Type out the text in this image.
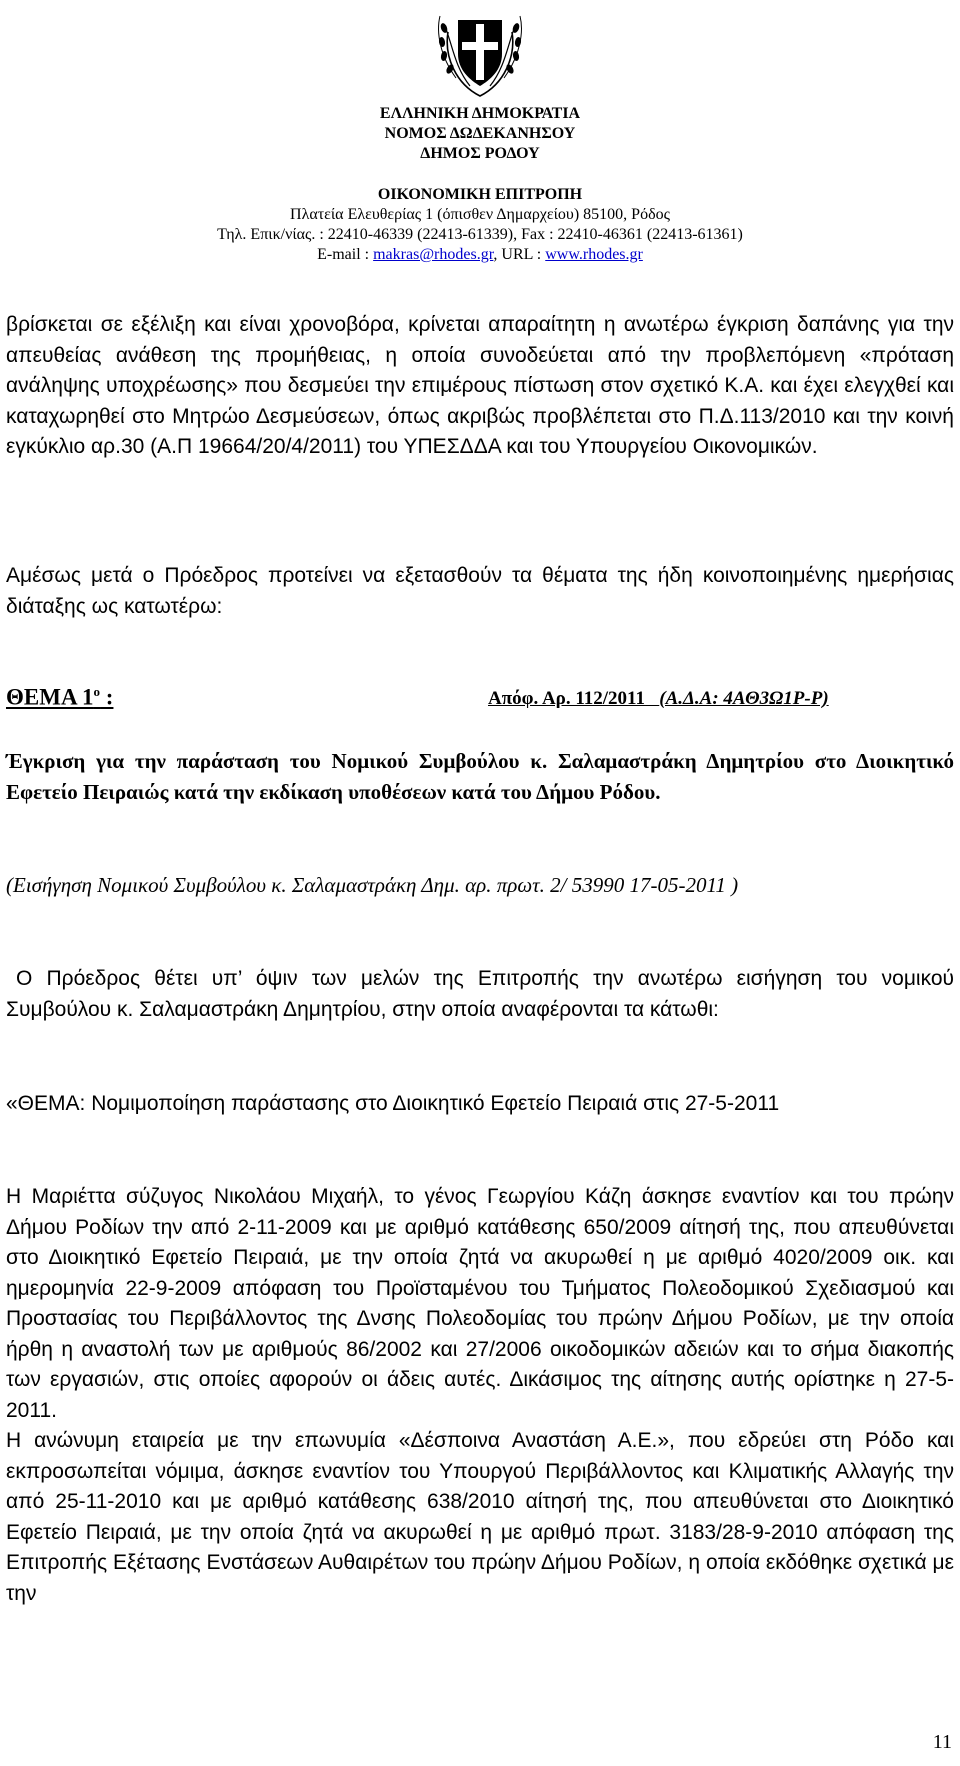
ΕΛΛΗΝΙΚΗ ΔΗΜΟΚΡΑΤΙΑ
ΝΟΜΟΣ ΔΩΔΕΚΑΝΗΣΟΥ
ΔΗΜΟΣ ΡΟΔΟΥ
ΟΙΚΟΝΟΜΙΚΗ ΕΠΙΤΡΟΠΗ
Πλατεία Ελευθερίας 1 (όπισθεν Δημαρχείου) 85100, Ρόδος
Τηλ. Επικ/νίας. : 22410-46339 (22413-61339), Fax : 22410-46361 (22413-61361)
E-mail : makras@rhodes.gr, URL : www.rhodes.gr

βρίσκεται σε εξέλιξη και είναι χρονοβόρα, κρίνεται απαραίτητη η ανωτέρω έγκριση δαπάνης για την απευθείας ανάθεση της προμήθειας, η οποία συνοδεύεται από την προβλεπόμενη «πρόταση ανάληψης υποχρέωσης» που δεσμεύει την επιμέρους πίστωση στον σχετικό Κ.Α. και έχει ελεγχθεί και καταχωρηθεί στο Μητρώο Δεσμεύσεων, όπως ακριβώς προβλέπεται στο Π.Δ.113/2010 και την κοινή εγκύκλιο αρ.30 (Α.Π 19664/20/4/2011) του ΥΠΕΣΔΔΑ και του Υπουργείου Οικονομικών.

Αμέσως μετά ο Πρόεδρος προτείνει να εξετασθούν τα θέματα της ήδη κοινοποιημένης ημερήσιας διάταξης ως κατωτέρω:

ΘΕΜΑ $1^o$ :	Απόφ. Αρ. 112/2011 (Α.Δ.Α: 4ΑΘ3Ω1Ρ-Ρ)

Έγκριση για την παράσταση του Νομικού Συμβούλου κ. Σαλαμαστράκη Δημητρίου στο Διοικητικό Εφετείο Πειραιώς κατά την εκδίκαση υποθέσεων κατά του Δήμου Ρόδου.

(Εισήγηση Νομικού Συμβούλου κ. Σαλαμαστράκη Δημ. αρ. πρωτ. 2/ 53990 17-05-2011 )

Ο Πρόεδρος θέτει υπ’ όψιν των μελών της Επιτροπής την ανωτέρω εισήγηση του νομικού Συμβούλου κ. Σαλαμαστράκη Δημητρίου, στην οποία αναφέρονται τα κάτωθι:

«ΘΕΜΑ: Νομιμοποίηση παράστασης στο Διοικητικό Εφετείο Πειραιά στις 27-5-2011

Η Μαριέττα σύζυγος Νικολάου Μιχαήλ, το γένος Γεωργίου Κάζη άσκησε εναντίον και του πρώην Δήμου Ροδίων την από 2-11-2009 και με αριθμό κατάθεσης 650/2009 αίτησή της, που απευθύνεται στο Διοικητικό Εφετείο Πειραιά, με την οποία ζητά να ακυρωθεί η με αριθμό 4020/2009 οικ. και ημερομηνία 22-9-2009 απόφαση του Προϊσταμένου του Τμήματος Πολεοδομικού Σχεδιασμού και Προστασίας του Περιβάλλοντος της Δνσης Πολεοδομίας του πρώην Δήμου Ροδίων, με την οποία ήρθη η αναστολή των με αριθμούς 86/2002 και 27/2006 οικοδομικών αδειών και το σήμα διακοπής των εργασιών, στις οποίες αφορούν οι άδεις αυτές. Δικάσιμος της αίτησης αυτής ορίστηκε η 27-5-2011.
Η ανώνυμη εταιρεία με την επωνυμία «Δέσποινα Αναστάση Α.Ε.», που εδρεύει στη Ρόδο και εκπροσωπείται νόμιμα, άσκησε εναντίον του Υπουργού Περιβάλλοντος και Κλιματικής Αλλαγής την από 25-11-2010 και με αριθμό κατάθεσης 638/2010 αίτησή της, που απευθύνεται στο Διοικητικό Εφετείο Πειραιά, με την οποία ζητά να ακυρωθεί η με αριθμό πρωτ. 3183/28-9-2010 απόφαση της Επιτροπής Εξέτασης Ενστάσεων Αυθαιρέτων του πρώην Δήμου Ροδίων, η οποία εκδόθηκε σχετικά με την
11
